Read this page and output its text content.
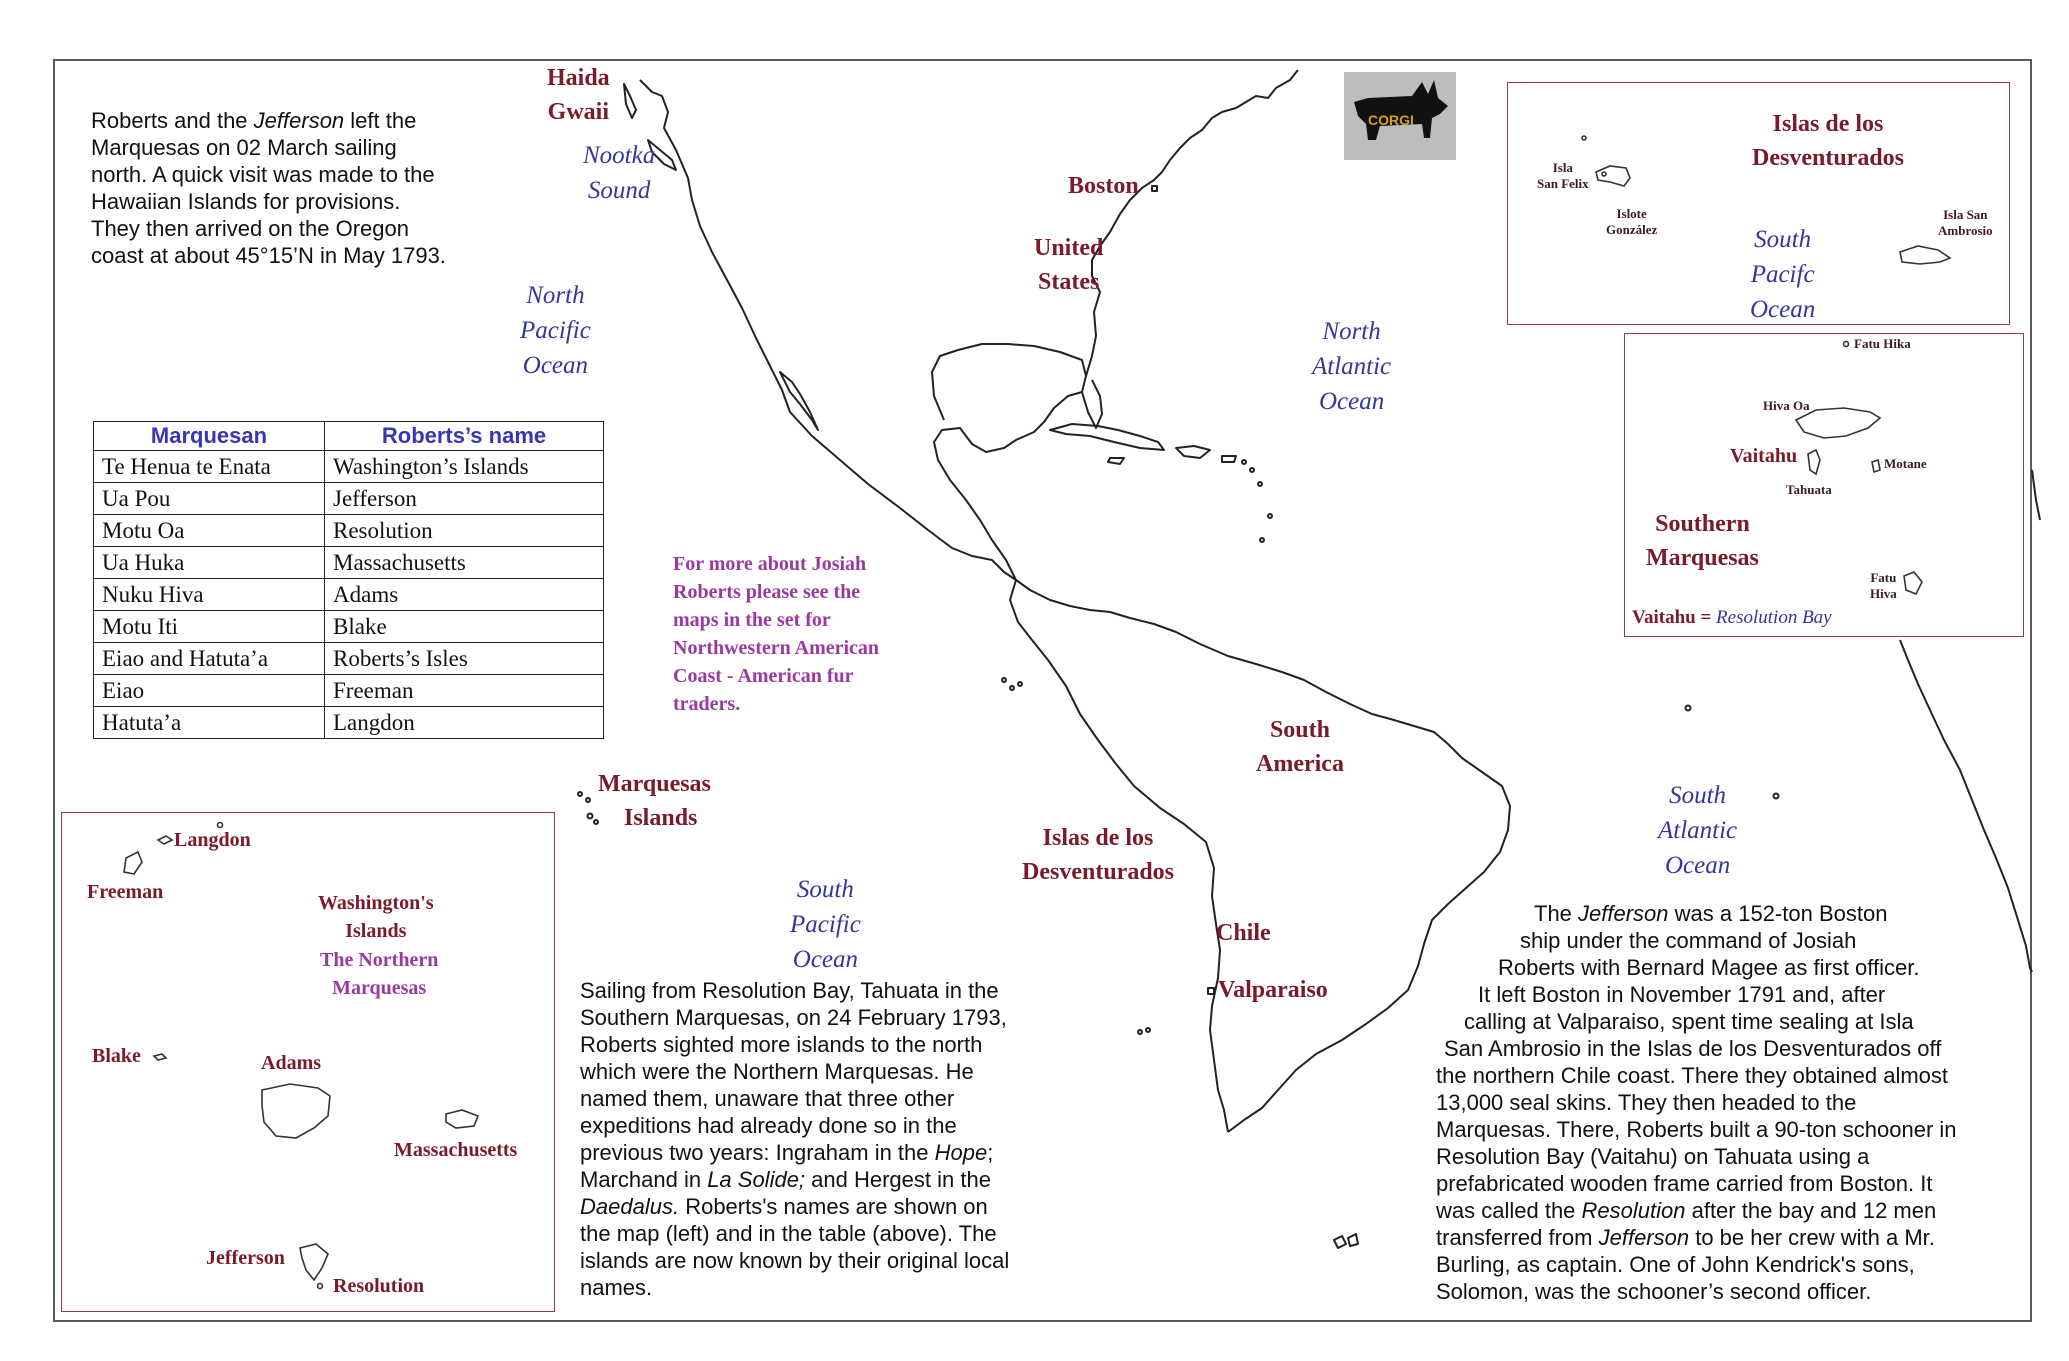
Roberts and the Jefferson left the

Marquesas on 02 March sailing

north. A quick visit was made to the

Hawaiian Islands for provisions.

They then arrived on the Oregon

coast at about 45°15’N in May 1793.

Haida
Gwaii
Nootka
Sound
North
Pacific
Ocean
Boston
United
States
North
Atlantic
Ocean
South
America
Marquesas
Islands
Islas de los
Desventurados
South
Pacific
Ocean
Chile
Valparaiso
South
Atlantic
Ocean
CORGI
For more about Josiah
Roberts please see the
maps in the set for
Northwestern American
Coast - American fur
traders.
Marquesan	Roberts’s name
Te Henua te Enata	Washington’s Islands
Ua Pou	Jefferson
Motu Oa	Resolution
Ua Huka	Massachusetts
Nuku Hiva	Adams
Motu Iti	Blake
Eiao and Hatuta’a	Roberts’s Isles
Eiao	Freeman
Hatuta’a	Langdon
Islas de los
Desventurados
Isla
San Felix
Islote
González
Isla San
Ambrosio
South
Pacifc
Ocean
Fatu Hika
Hiva Oa
Vaitahu	Motane
Tahuata
Southern
Marquesas
Fatu
Hiva
Vaitahu = Resolution Bay
Langdon
Freeman	Washington's
Islands
The Northern
Marquesas
Blake	Adams
Massachusetts
Jefferson
Resolution

Sailing from Resolution Bay, Tahuata in the

Southern Marquesas, on 24 February 1793,

Roberts sighted more islands to the north

which were the Northern Marquesas. He

named them, unaware that three other

expeditions had already done so in the

previous two years: Ingraham in the Hope;

Marchand in La Solide; and Hergest in the

Daedalus. Roberts's names are shown on

the map (left) and in the table (above). The

islands are now known by their original local

names.

The Jefferson was a 152-ton Boston

ship under the command of Josiah

Roberts with Bernard Magee as first officer.

It left Boston in November 1791 and, after

calling at Valparaiso, spent time sealing at Isla

San Ambrosio in the Islas de los Desventurados off

the northern Chile coast. There they obtained almost

13,000 seal skins. They then headed to the

Marquesas. There, Roberts built a 90-ton schooner in

Resolution Bay (Vaitahu) on Tahuata using a

prefabricated wooden frame carried from Boston. It

was called the Resolution after the bay and 12 men

transferred from Jefferson to be her crew with a Mr.

Burling, as captain. One of John Kendrick's sons,

Solomon, was the schooner’s second officer.
